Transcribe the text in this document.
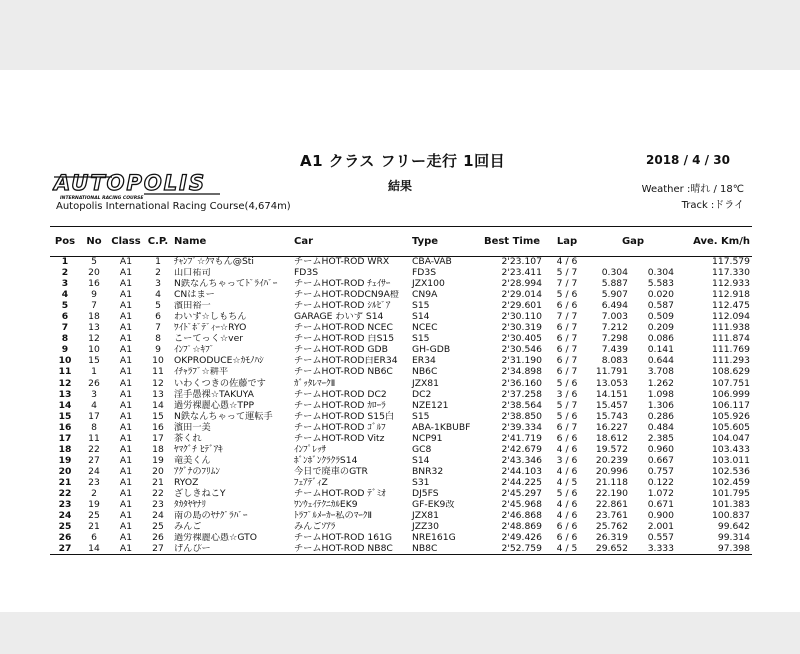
A1 クラス フリー走行 1回目	2018 / 4 / 30
結果	Weather :晴れ / 18℃
Track :ドライ
AUTOPOLIS
INTERNATIONAL RACING COURSE
Autopolis International Racing Course(4,674m)
Pos	No	Class	C.P.	Name	Car	Type	Best Time	Lap	Gap		Ave. Km/h
1	5	A1	1	ﾁｬﾝﾌﾟ☆ｸﾏもん@Sti	チームHOT-ROD WRX	CBA-VAB	2'23.107	4 / 6			117.579
2	20	A1	2	山口祐司	FD3S	FD3S	2'23.411	5 / 7	0.304	0.304	117.330
3	16	A1	3	N鉄なんちゃってﾄﾞﾗｲﾊﾞｰ	チームHOT-ROD ﾁｪｲｻｰ	JZX100	2'28.994	7 / 7	5.887	5.583	112.933
4	9	A1	4	CNはまー	チームHOT-RODCN9A橙	CN9A	2'29.014	5 / 6	5.907	0.020	112.918
5	7	A1	5	濱田裕一	チームHOT-ROD ｼﾙﾋﾞｱ	S15	2'29.601	6 / 6	6.494	0.587	112.475
6	18	A1	6	わいず☆しもちん	GARAGE わいず S14	S14	2'30.110	7 / 7	7.003	0.509	112.094
7	13	A1	7	ﾜｲﾄﾞﾎﾞﾃﾞｨｰ☆RYO	チームHOT-ROD NCEC	NCEC	2'30.319	6 / 7	7.212	0.209	111.938
8	12	A1	8	こーてっく☆ver	チームHOT-ROD 白S15	S15	2'30.405	6 / 7	7.298	0.086	111.874
9	10	A1	9	ｲﾝﾌﾟ☆ｷﾌﾞ	チームHOT-ROD GDB	GH-GDB	2'30.546	6 / 7	7.439	0.141	111.769
10	15	A1	10	OKPRODUCE☆ｶﾓﾉﾊｼ	チームHOT-ROD白ER34	ER34	2'31.190	6 / 7	8.083	0.644	111.293
11	1	A1	11	ｲﾁｬﾗﾌﾞ☆耕平	チームHOT-ROD NB6C	NB6C	2'34.898	6 / 7	11.791	3.708	108.629
12	26	A1	12	いわくつきの佐藤です	ｶﾞｯﾀﾚﾏｰｸⅡ	JZX81	2'36.160	5 / 6	13.053	1.262	107.751
13	3	A1	13	淫手愚裸☆TAKUYA	チームHOT-ROD DC2	DC2	2'37.258	3 / 6	14.151	1.098	106.999
14	4	A1	14	過労裸麗心愚☆TPP	チームHOT-ROD ｶﾛｰﾗ	NZE121	2'38.564	5 / 7	15.457	1.306	106.117
15	17	A1	15	N鉄なんちゃって運転手	チームHOT-ROD S15白	S15	2'38.850	5 / 6	15.743	0.286	105.926
16	8	A1	16	濱田一美	チームHOT-ROD ｺﾞﾙﾌ	ABA-1KBUBF	2'39.334	6 / 7	16.227	0.484	105.605
17	11	A1	17	茶くれ	チームHOT-ROD Vitz	NCP91	2'41.719	6 / 6	18.612	2.385	104.047
18	22	A1	18	ﾔﾏｸﾞﾁ ﾋﾃﾞｱｷ	ｲﾝﾌﾟﾚｯｻ	GC8	2'42.679	4 / 6	19.572	0.960	103.433
19	27	A1	19	竜美くん	ﾎﾞﾝﾎﾞﾝｸﾗｸﾗS14	S14	2'43.346	3 / 6	20.239	0.667	103.011
20	24	A1	20	ｱｸﾞﾅのﾌﾘﾑﾝ	今日で廃車のGTR	BNR32	2'44.103	4 / 6	20.996	0.757	102.536
21	23	A1	21	RYOZ	ﾌｪｱﾃﾞｨZ	S31	2'44.225	4 / 5	21.118	0.122	102.459
22	2	A1	22	ざしきねこY	チームHOT-ROD ﾃﾞﾐｵ	DJ5FS	2'45.297	5 / 6	22.190	1.072	101.795
23	19	A1	23	ﾀｶﾀﾔﾔﾅﾘ	ﾜﾝｳｪｲﾃｸﾆｶﾙEK9	GF-EK9改	2'45.968	4 / 6	22.861	0.671	101.383
24	25	A1	24	南の島のﾔﾅｸﾞﾗﾊﾞｰ	ﾄﾗﾌﾞﾙﾒｰｶｰ私のﾏｰｸⅡ	JZX81	2'46.868	4 / 6	23.761	0.900	100.837
25	21	A1	25	みんご	みんごｿｱﾗ	JZZ30	2'48.869	6 / 6	25.762	2.001	99.642
26	6	A1	26	過労裸麗心愚☆GTO	チームHOT-ROD 161G	NRE161G	2'49.426	6 / 6	26.319	0.557	99.314
27	14	A1	27	げんぴー	チームHOT-ROD NB8C	NB8C	2'52.759	4 / 5	29.652	3.333	97.398
